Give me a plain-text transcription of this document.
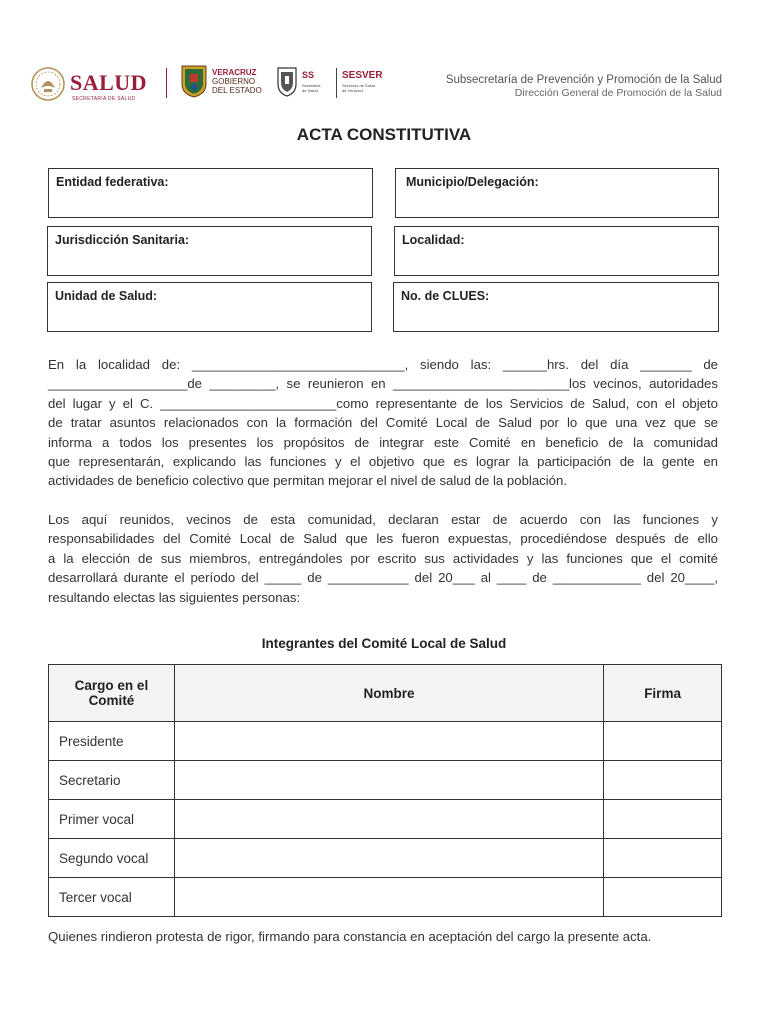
SALUD
SECRETARÍA DE SALUD
VERACRUZ
GOBIERNO
DEL ESTADO
SS
Secretaría
de Salud
SESVER
Servicios de Salud
de Veracruz
Subsecretaría de Prevención y Promoción de la Salud
Dirección General de Promoción de la Salud
ACTA CONSTITUTIVA
Entidad federativa:	Municipio/Delegación:
Jurisdicción Sanitaria:	Localidad:
Unidad de Salud:	No. de CLUES:
En la localidad de: _____________________________, siendo las: ______hrs. del día _______ de
___________________de _________, se reunieron en ________________________los vecinos, autoridades
del lugar y el C. ________________________como representante de los Servicios de Salud, con el objeto
de tratar asuntos relacionados con la formación del Comité Local de Salud por lo que una vez que se
informa a todos los presentes los propósitos de integrar este Comité en beneficio de la comunidad
que representarán, explicando las funciones y el objetivo que es lograr la participación de la gente en
actividades de beneficio colectivo que permitan mejorar el nivel de salud de la población.
Los aquí reunidos, vecinos de esta comunidad, declaran estar de acuerdo con las funciones y
responsabilidades del Comité Local de Salud que les fueron expuestas, procediéndose después de ello
a la elección de sus miembros, entregándoles por escrito sus actividades y las funciones que el comité
desarrollará durante el período del _____ de ___________ del 20___ al ____ de ____________ del 20____,
resultando electas las siguientes personas:
Integrantes del Comité Local de Salud
Cargo en el Comité	Nombre	Firma
Presidente		
Secretario		
Primer vocal		
Segundo vocal		
Tercer vocal		
Quienes rindieron protesta de rigor, firmando para constancia en aceptación del cargo la presente acta.
